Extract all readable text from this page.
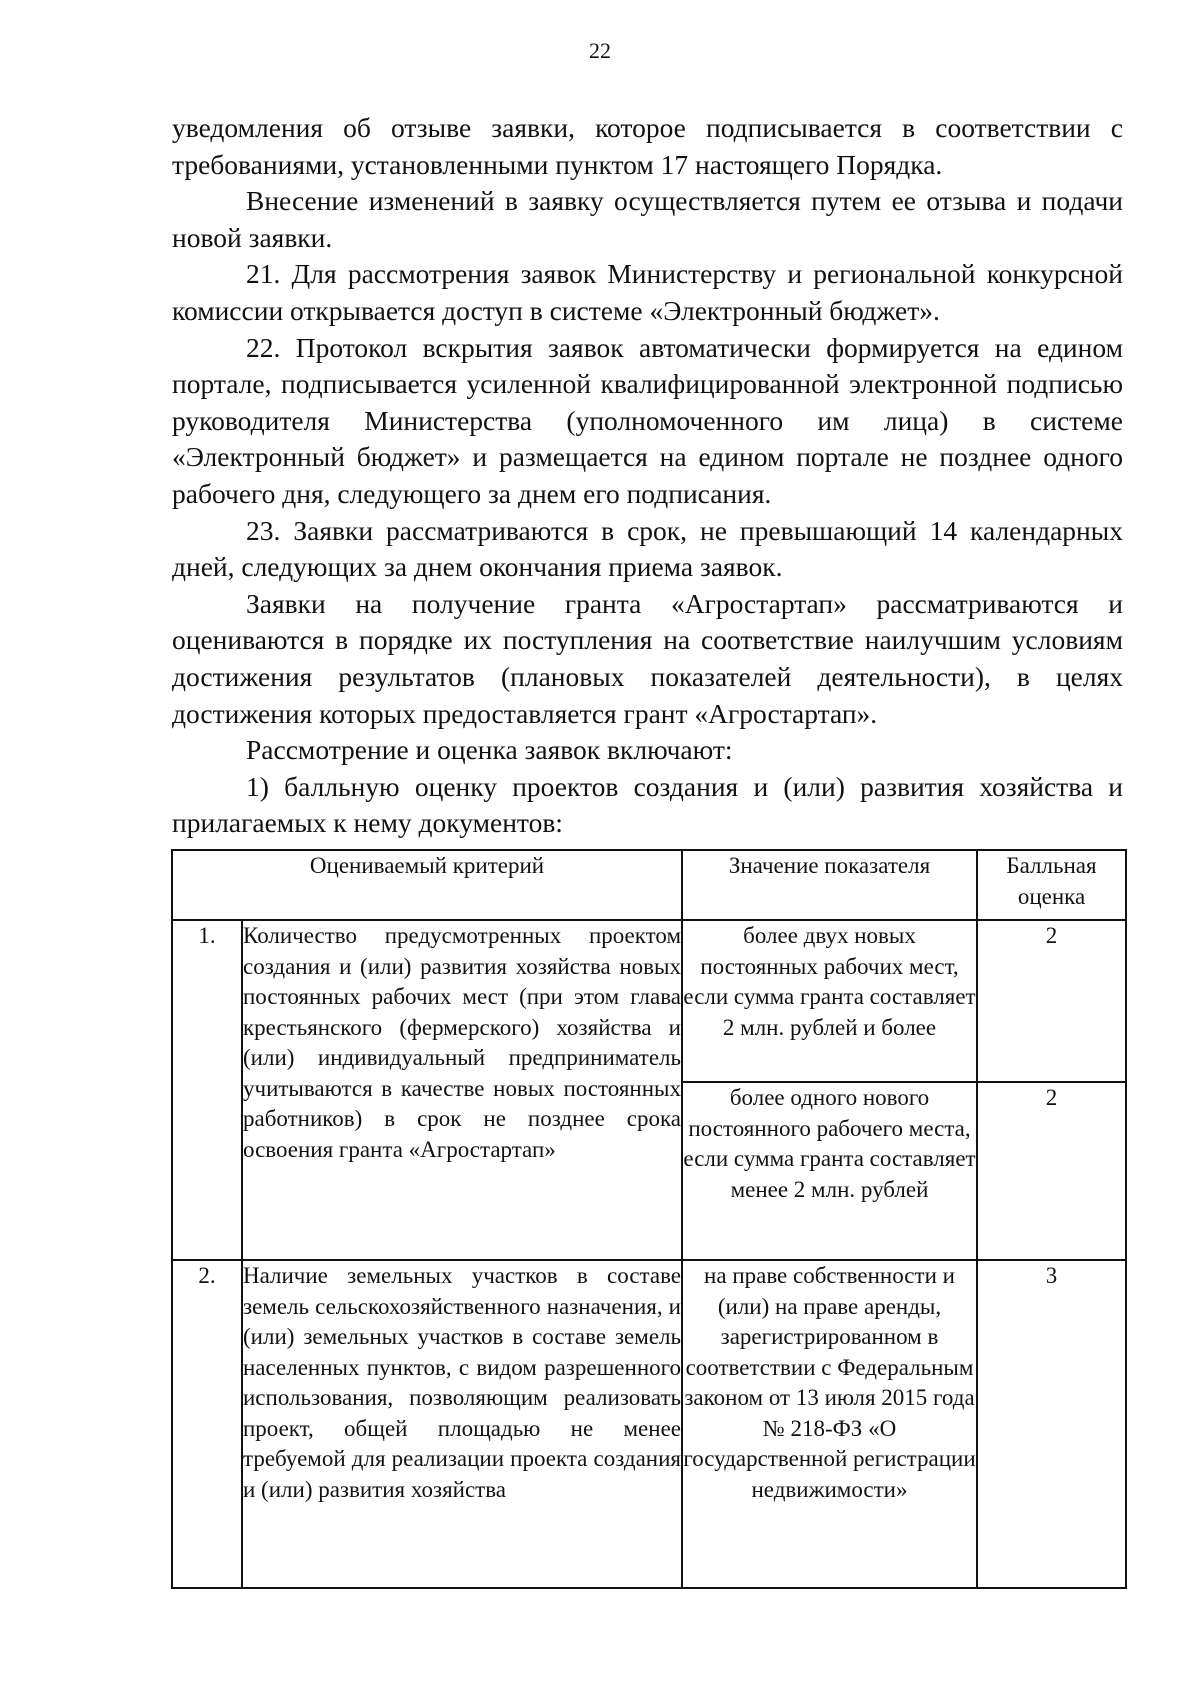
22

уведомления об отзыве заявки, которое подписывается в соответствии с требованиями, установленными пунктом 17 настоящего Порядка.

Внесение изменений в заявку осуществляется путем ее отзыва и подачи новой заявки.

21. Для рассмотрения заявок Министерству и региональной конкурсной комиссии открывается доступ в системе «Электронный бюджет».

22. Протокол вскрытия заявок автоматически формируется на едином портале, подписывается усиленной квалифицированной электронной подписью руководителя Министерства (уполномоченного им лица) в системе «Электронный бюджет» и размещается на едином портале не позднее одного рабочего дня, следующего за днем его подписания.

23. Заявки рассматриваются в срок, не превышающий 14 календарных дней, следующих за днем окончания приема заявок.

Заявки на получение гранта «Агростартап» рассматриваются и оцениваются в порядке их поступления на соответствие наилучшим условиям достижения результатов (плановых показателей деятельности), в целях достижения которых предоставляется грант «Агростартап».

Рассмотрение и оценка заявок включают:

1) балльную оценку проектов создания и (или) развития хозяйства и прилагаемых к нему документов:

Оцениваемый критерий		Значение показателя	Балльная оценка
1.	Количество предусмотренных проектом создания и (или) развития хозяйства новых постоянных рабочих мест (при этом глава крестьянского (фермерского) хозяйства и (или) индивидуальный предприниматель учитываются в качестве новых постоянных работников) в срок не позднее срока освоения гранта «Агростартап»	более двух новых постоянных рабочих мест, если сумма гранта составляет 2 млн. рублей и более	2
		более одного нового постоянного рабочего места, если сумма гранта составляет менее 2 млн. рублей	2
2.	Наличие земельных участков в составе земель сельскохозяйственного назначения, и (или) земельных участков в составе земель населенных пунктов, с видом разрешенного использования, позволяющим реализовать проект, общей площадью не менее требуемой для реализации проекта создания и (или) развития хозяйства	на праве собственности и (или) на праве аренды, зарегистрированном в соответствии с Федеральным законом от 13 июля 2015 года № 218-ФЗ «О государственной регистрации недвижимости»	3
